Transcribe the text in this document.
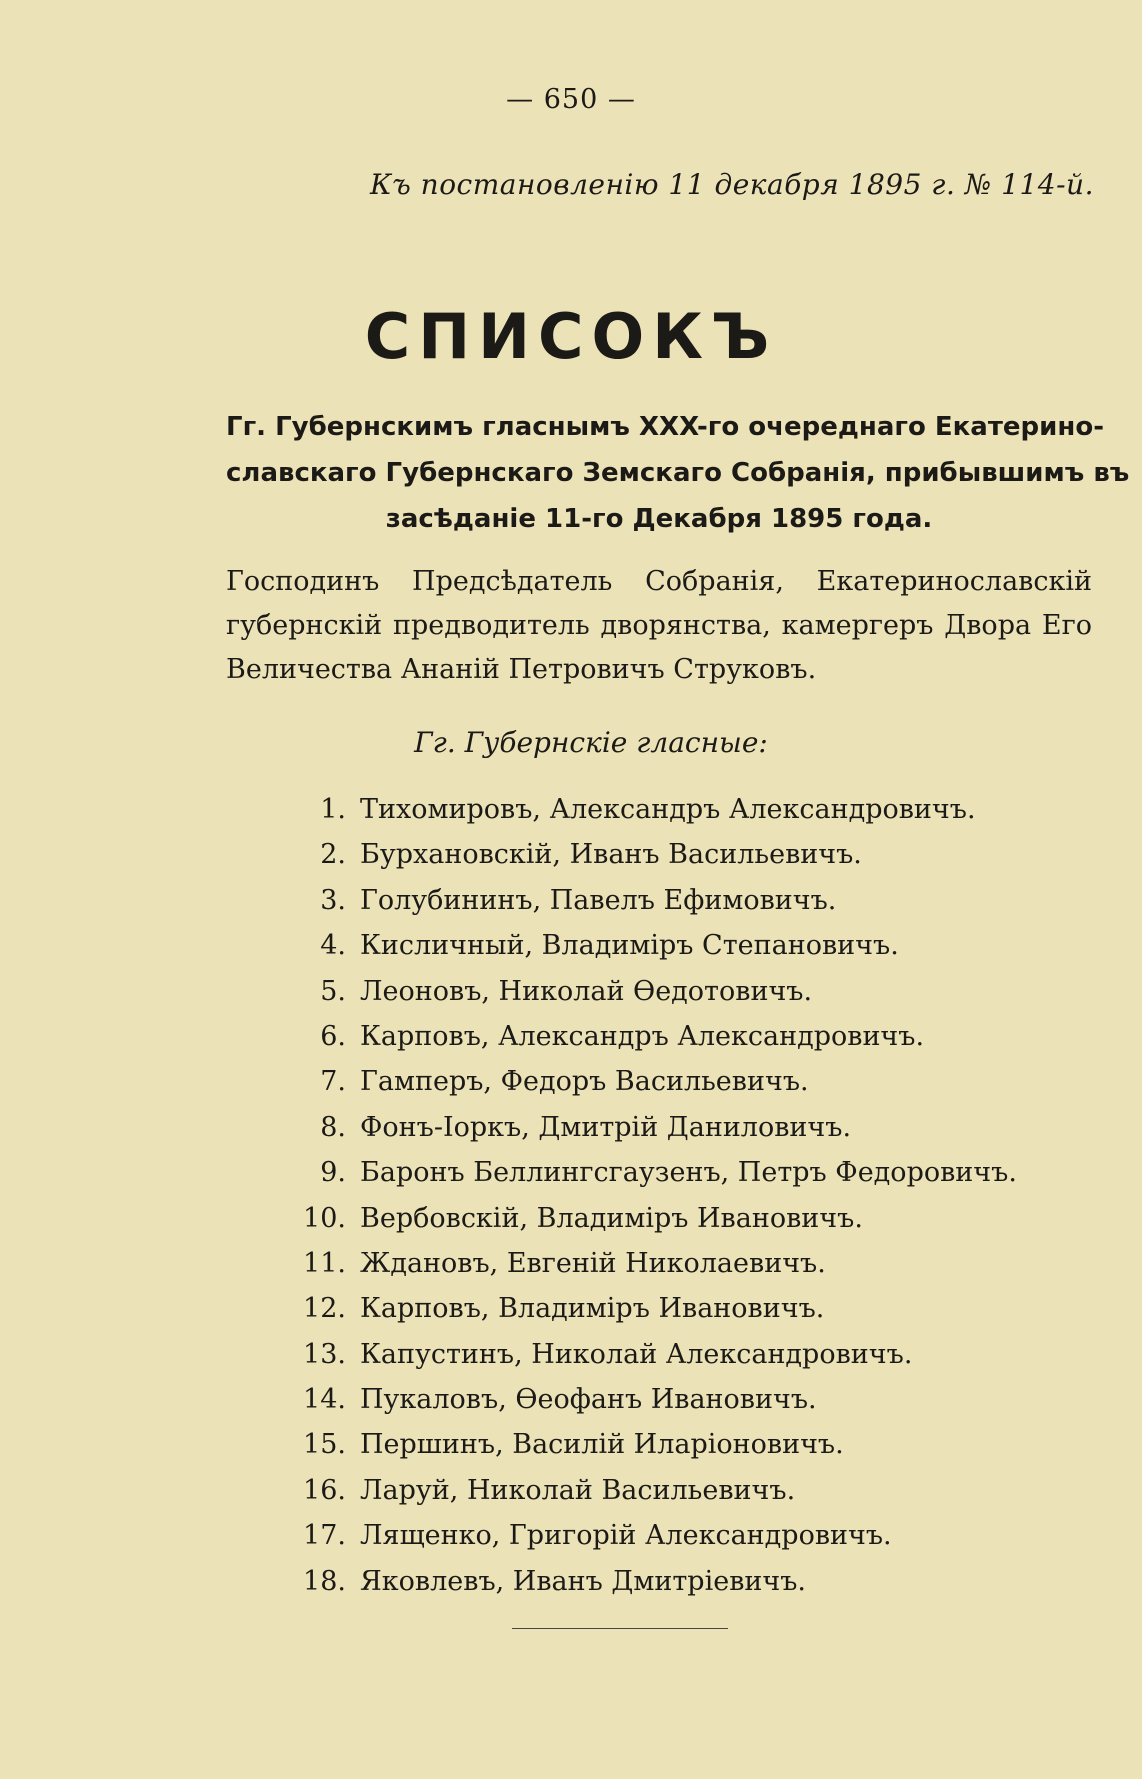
— 650 —
Къ постановленію 11 декабря 1895 г. № 114-й.
СПИСОКЪ
Гг. Губернскимъ гласнымъ XXX-го очереднаго Екатерино-
славскаго Губернскаго Земскаго Собранія, прибывшимъ въ
засѣданіе 11-го Декабря 1895 года.
Господинъ Предсѣдатель Собранія, Екатеринославскій
губернскій предводитель дворянства, камергеръ Двора Его
Величества Ананій Петровичъ Струковъ.
Гг. Губернскіе гласные:
1. Тихомировъ, Александръ Александровичъ.
2. Бурхановскій, Иванъ Васильевичъ.
3. Голубининъ, Павелъ Ефимовичъ.
4. Кисличный, Владиміръ Степановичъ.
5. Леоновъ, Николай Өедотовичъ.
6. Карповъ, Александръ Александровичъ.
7. Гамперъ, Федоръ Васильевичъ.
8. Фонъ-Іоркъ, Дмитрій Даниловичъ.
9. Баронъ Беллингсгаузенъ, Петръ Федоровичъ.
10. Вербовскій, Владиміръ Ивановичъ.
11. Ждановъ, Евгеній Николаевичъ.
12. Карповъ, Владиміръ Ивановичъ.
13. Капустинъ, Николай Александровичъ.
14. Пукаловъ, Өеофанъ Ивановичъ.
15. Першинъ, Василій Иларіоновичъ.
16. Ларуй, Николай Васильевичъ.
17. Лященко, Григорій Александровичъ.
18. Яковлевъ, Иванъ Дмитріевичъ.
